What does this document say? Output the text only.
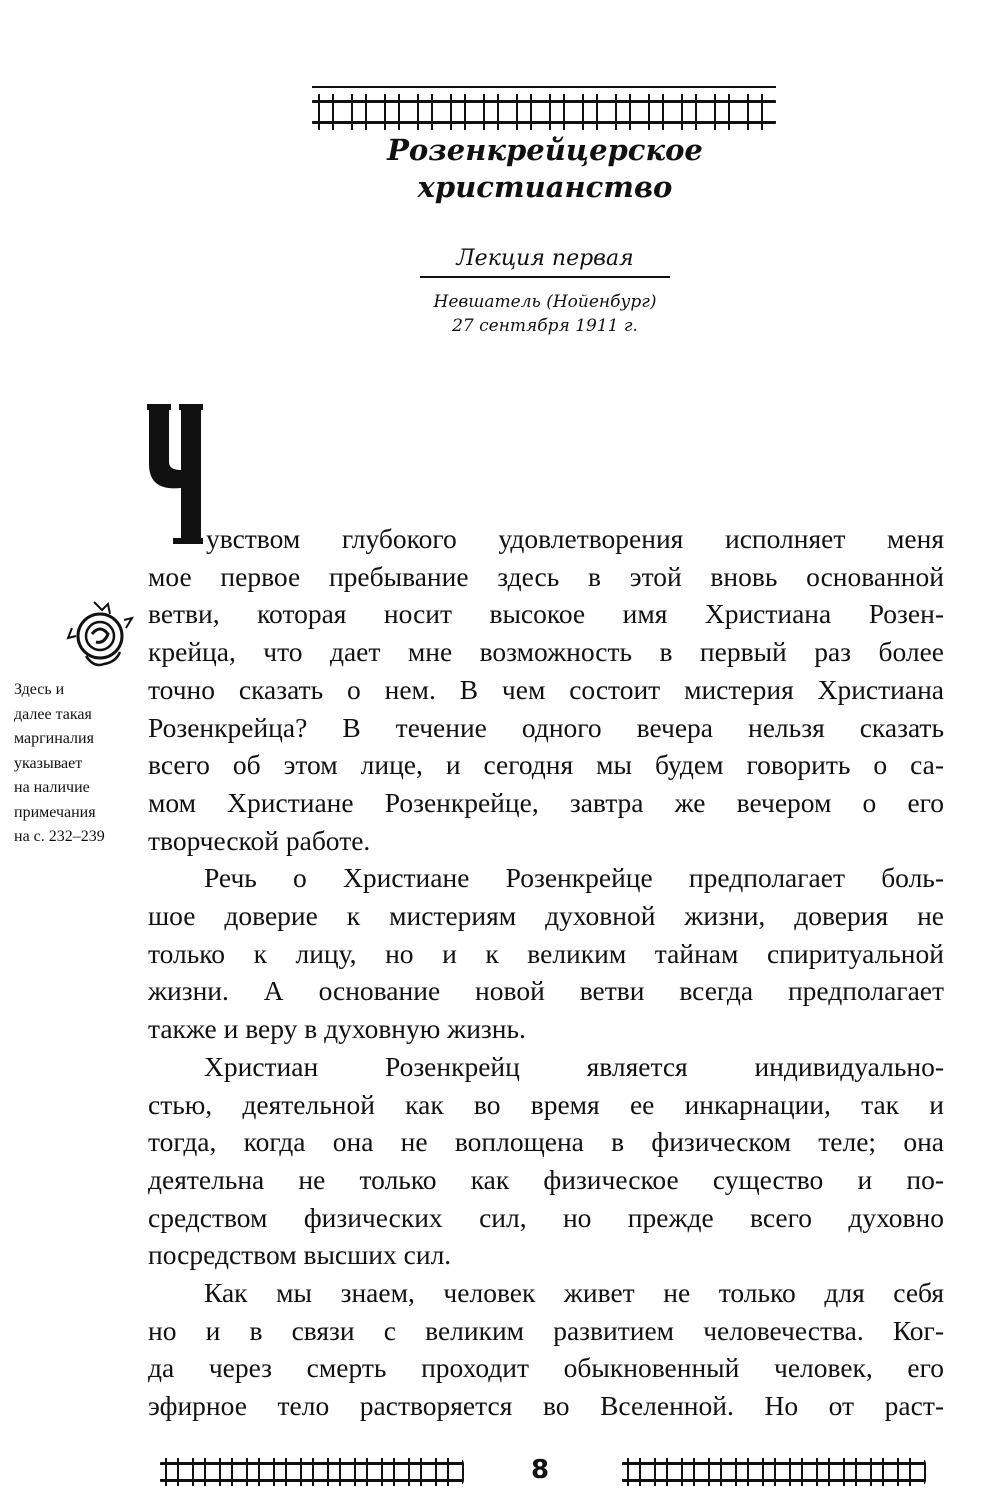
Розенкрейцерское
христианство
Лекция первая
Невшатель (Нойенбург)
27 сентября 1911 г.
Здесь и
далее такая
маргиналия
указывает
на наличие
примечания
на с. 232–239
увством глубокого удовлетворения исполняет меня
мое первое пребывание здесь в этой вновь основанной
ветви, которая носит высокое имя Христиана Розен-
крейца, что дает мне возможность в первый раз более
точно сказать о нем. В чем состоит мистерия Христиана
Розенкрейца? В течение одного вечера нельзя сказать
всего об этом лице, и сегодня мы будем говорить о са-
мом Христиане Розенкрейце, завтра же вечером о его
творческой работе.
Речь о Христиане Розенкрейце предполагает боль-
шое доверие к мистериям духовной жизни, доверия не
только к лицу, но и к великим тайнам спиритуальной
жизни. А основание новой ветви всегда предполагает
также и веру в духовную жизнь.
Христиан Розенкрейц является индивидуально-
стью, деятельной как во время ее инкарнации, так и
тогда, когда она не воплощена в физическом теле; она
деятельна не только как физическое существо и по-
средством физических сил, но прежде всего духовно
посредством высших сил.
Как мы знаем, человек живет не только для себя
но и в связи с великим развитием человечества. Ког-
да через смерть проходит обыкновенный человек, его
эфирное тело растворяется во Вселенной. Но от раст-
8
